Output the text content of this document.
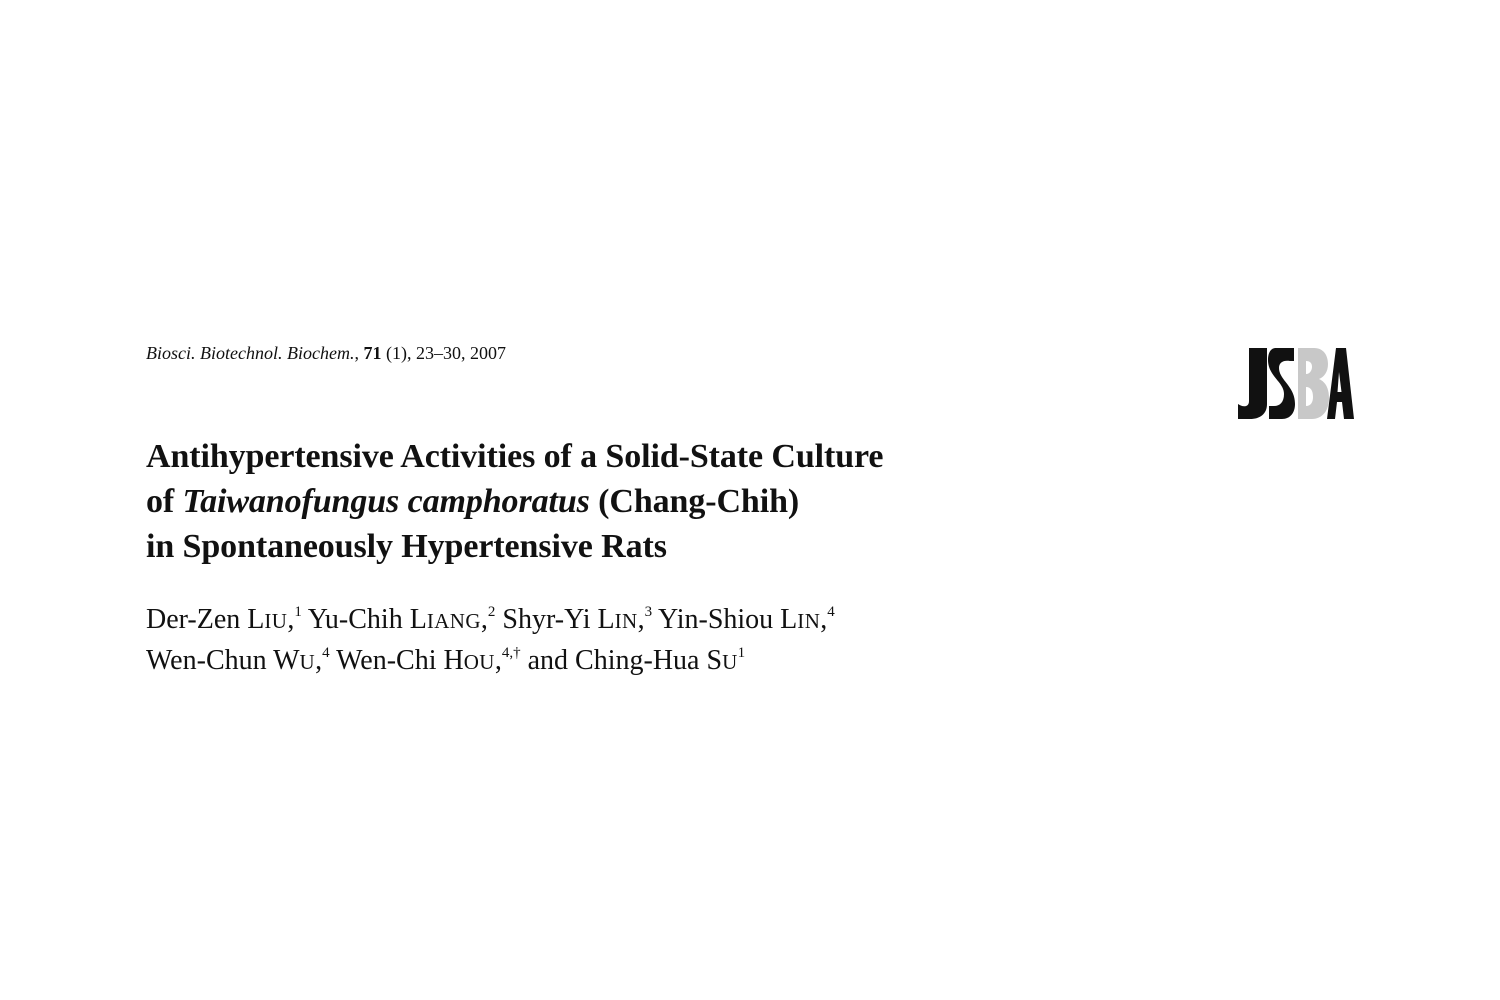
Biosci. Biotechnol. Biochem., 71 (1), 23–30, 2007
Antihypertensive Activities of a Solid-State Culture
of Taiwanofungus camphoratus (Chang-Chih)
in Spontaneously Hypertensive Rats
Der-Zen LIU,$^1$ Yu-Chih LIANG,$^2$ Shyr-Yi LIN,$^3$ Yin-Shiou LIN,$^4$
Wen-Chun WU,$^4$ Wen-Chi HOU,$^{4,\dagger}$ and Ching-Hua $SU^1$
